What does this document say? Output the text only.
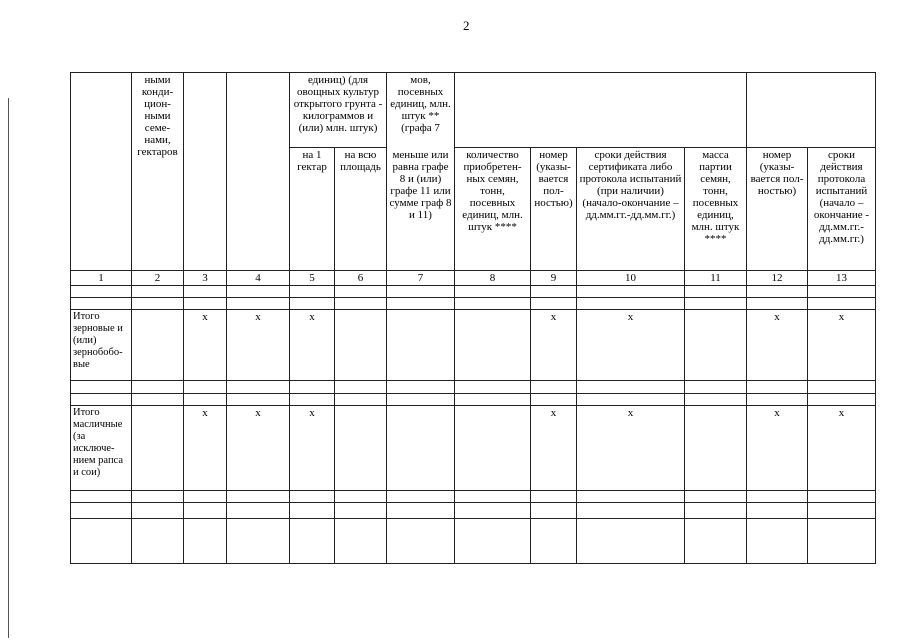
2
	ными конди-цион-ными семе-нами, гектаров			единиц) (для овощных культур открытого грунта - килограммов и (или) млн. штук)		мов, посевных единиц, млн. штук ** (графа 7						
				на 1 гектар	на всю площадь	меньше или равна графе 8 и (или) графе 11 или сумме граф 8 и 11)	количество приобретен-ных семян, тонн, посевных единиц, млн. штук ****	номер (указы-вается пол-ностью)	сроки действия сертификата либо протокола испытаний (при наличии) (начало-окончание – дд.мм.гг.-дд.мм.гг.)	масса партии семян, тонн, посевных единиц, млн. штук ****	номер (указы-вается пол-ностью)	сроки действия протокола испытаний (начало – окончание - дд.мм.гг.-дд.мм.гг.)
1	2	3	4	5	6	7	8	9	10	11	12	13

Итого зерновые и (или) зернобобо-вые		x	x	x				x	x		x	x

Итого масличные (за исключе-нием рапса и сои)		x	x	x				x	x		x	x
